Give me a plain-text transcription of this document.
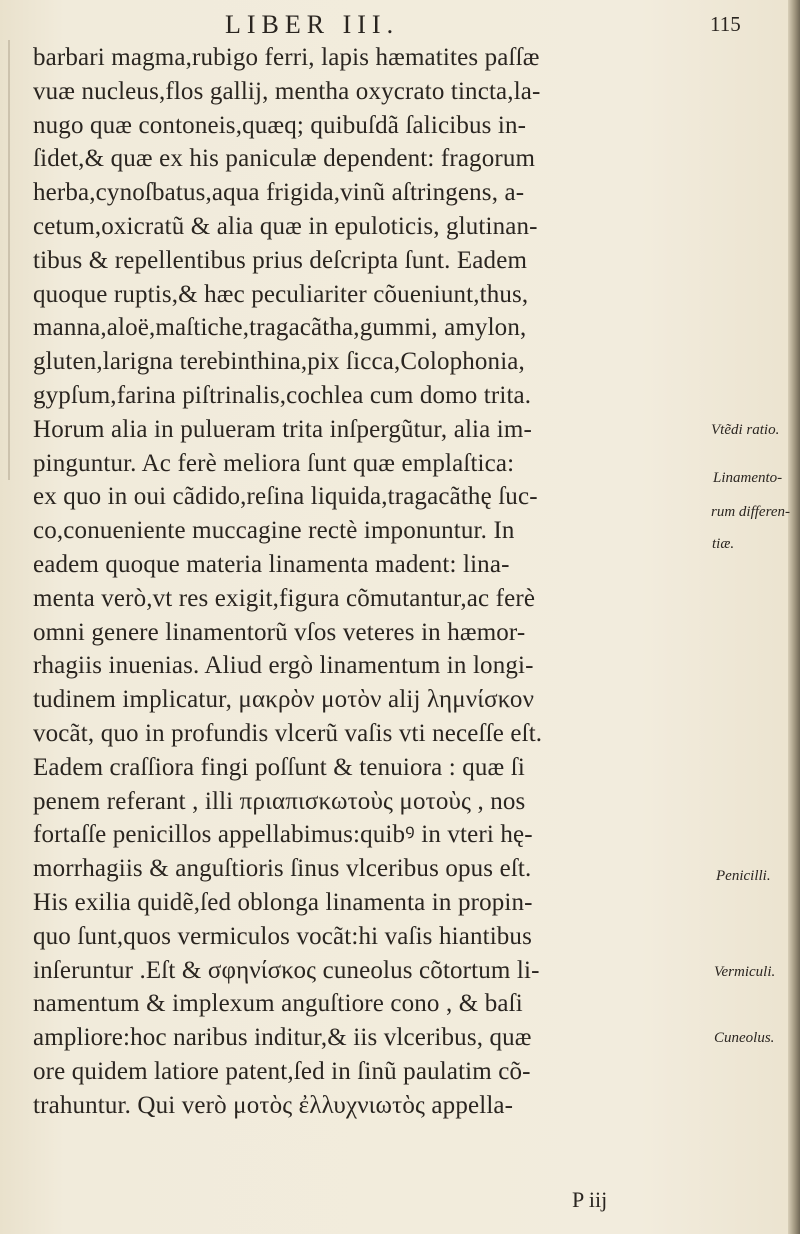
LIBER III.	115
barbari magma,rubigo ferri, lapis hæmatites paſſæ
vuæ nucleus,flos gallij, mentha oxycrato tincta,la-
nugo quæ contoneis,quæq; quibuſdã ſalicibus in-
ſidet,& quæ ex his paniculæ dependent: fragorum
herba,cynoſbatus,aqua frigida,vinũ aſtringens, a-
cetum,oxicratũ & alia quæ in epuloticis, glutinan-
tibus & repellentibus prius deſcripta ſunt. Eadem
quoque ruptis,& hæc peculiariter cõueniunt,thus,
manna,aloë,maſtiche,tragacãtha,gummi, amylon,
gluten,larigna terebinthina,pix ſicca,Colophonia,
gypſum,farina piſtrinalis,cochlea cum domo trita.
Horum alia in pulueram trita inſpergũtur, alia im-
pinguntur. Ac ferè meliora ſunt quæ emplaſtica:
ex quo in oui cãdido,reſina liquida,tragacãthę ſuc-
co,conueniente muccagine rectè imponuntur. In
eadem quoque materia linamenta madent: lina-
menta verò,vt res exigit,figura cõmutantur,ac ferè
omni genere linamentorũ vſos veteres in hæmor-
rhagiis inuenias. Aliud ergò linamentum in longi-
tudinem implicatur, μακρὸν μοτὸν alij λημνίσκον
vocãt, quo in profundis vlcerũ vaſis vti neceſſe eſt.
Eadem craſſiora fingi poſſunt & tenuiora : quæ ſi
penem referant , illi πριαπισκωτοὺς μοτοὺς , nos
fortaſſe penicillos appellabimus:quibꝰ in vteri hę-
morrhagiis & anguſtioris ſinus vlceribus opus eſt.
His exilia quidẽ,ſed oblonga linamenta in propin-
quo ſunt,quos vermiculos vocãt:hi vaſis hiantibus
inſeruntur .Eſt & σφηνίσκος cuneolus cõtortum li-
namentum & implexum anguſtiore cono , & baſi
ampliore:hoc naribus inditur,& iis vlceribus, quæ
ore quidem latiore patent,ſed in ſinũ paulatim cõ-
trahuntur. Qui verò μοτὸς ἐλλυχνιωτὸς appella-
Vtẽdi ratio.
Linamento-
rum differen-
tiæ.
Penicilli.
Vermiculi.
Cuneolus.
P iij
